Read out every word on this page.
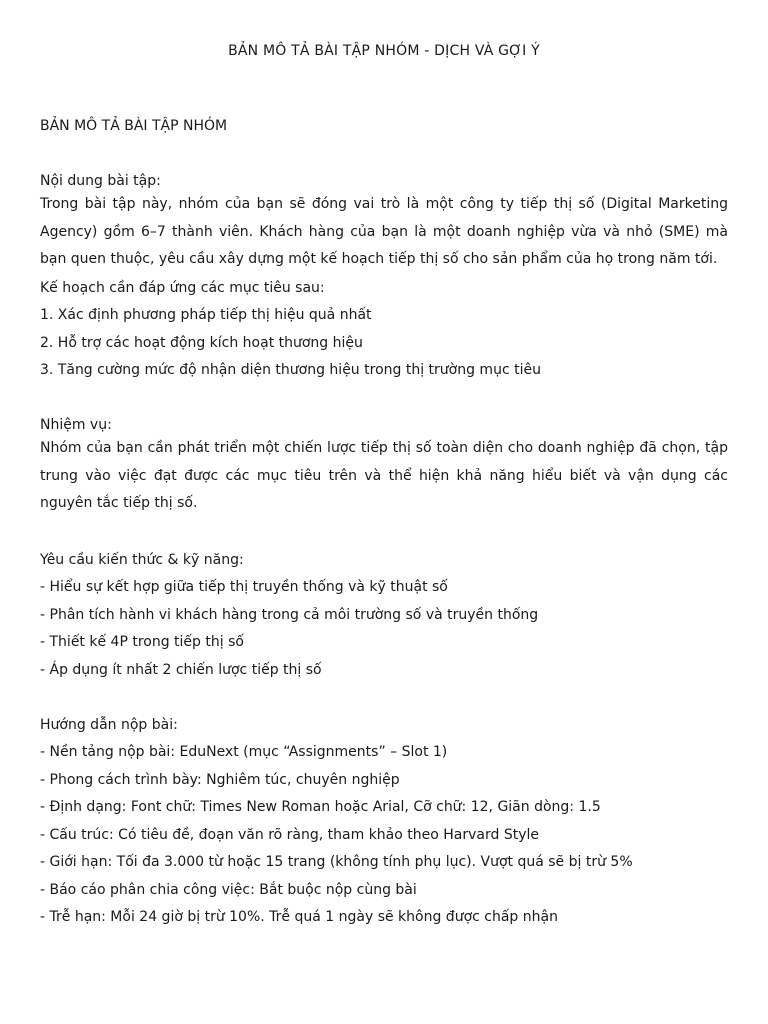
BẢN MÔ TẢ BÀI TẬP NHÓM - DỊCH VÀ GỢI Ý
BẢN MÔ TẢ BÀI TẬP NHÓM
Nội dung bài tập:

Trong bài tập này, nhóm của bạn sẽ đóng vai trò là một công ty tiếp thị số (Digital Marketing Agency) gồm 6–7 thành viên. Khách hàng của bạn là một doanh nghiệp vừa và nhỏ (SME) mà bạn quen thuộc, yêu cầu xây dựng một kế hoạch tiếp thị số cho sản phẩm của họ trong năm tới.

Kế hoạch cần đáp ứng các mục tiêu sau:
1. Xác định phương pháp tiếp thị hiệu quả nhất
2. Hỗ trợ các hoạt động kích hoạt thương hiệu
3. Tăng cường mức độ nhận diện thương hiệu trong thị trường mục tiêu
Nhiệm vụ:

Nhóm của bạn cần phát triển một chiến lược tiếp thị số toàn diện cho doanh nghiệp đã chọn, tập trung vào việc đạt được các mục tiêu trên và thể hiện khả năng hiểu biết và vận dụng các nguyên tắc tiếp thị số.

Yêu cầu kiến thức & kỹ năng:
- Hiểu sự kết hợp giữa tiếp thị truyền thống và kỹ thuật số
- Phân tích hành vi khách hàng trong cả môi trường số và truyền thống
- Thiết kế 4P trong tiếp thị số
- Áp dụng ít nhất 2 chiến lược tiếp thị số
Hướng dẫn nộp bài:
- Nền tảng nộp bài: EduNext (mục “Assignments” – Slot 1)
- Phong cách trình bày: Nghiêm túc, chuyên nghiệp
- Định dạng: Font chữ: Times New Roman hoặc Arial, Cỡ chữ: 12, Giãn dòng: 1.5
- Cấu trúc: Có tiêu đề, đoạn văn rõ ràng, tham khảo theo Harvard Style
- Giới hạn: Tối đa 3.000 từ hoặc 15 trang (không tính phụ lục). Vượt quá sẽ bị trừ 5%
- Báo cáo phân chia công việc: Bắt buộc nộp cùng bài
- Trễ hạn: Mỗi 24 giờ bị trừ 10%. Trễ quá 1 ngày sẽ không được chấp nhận
